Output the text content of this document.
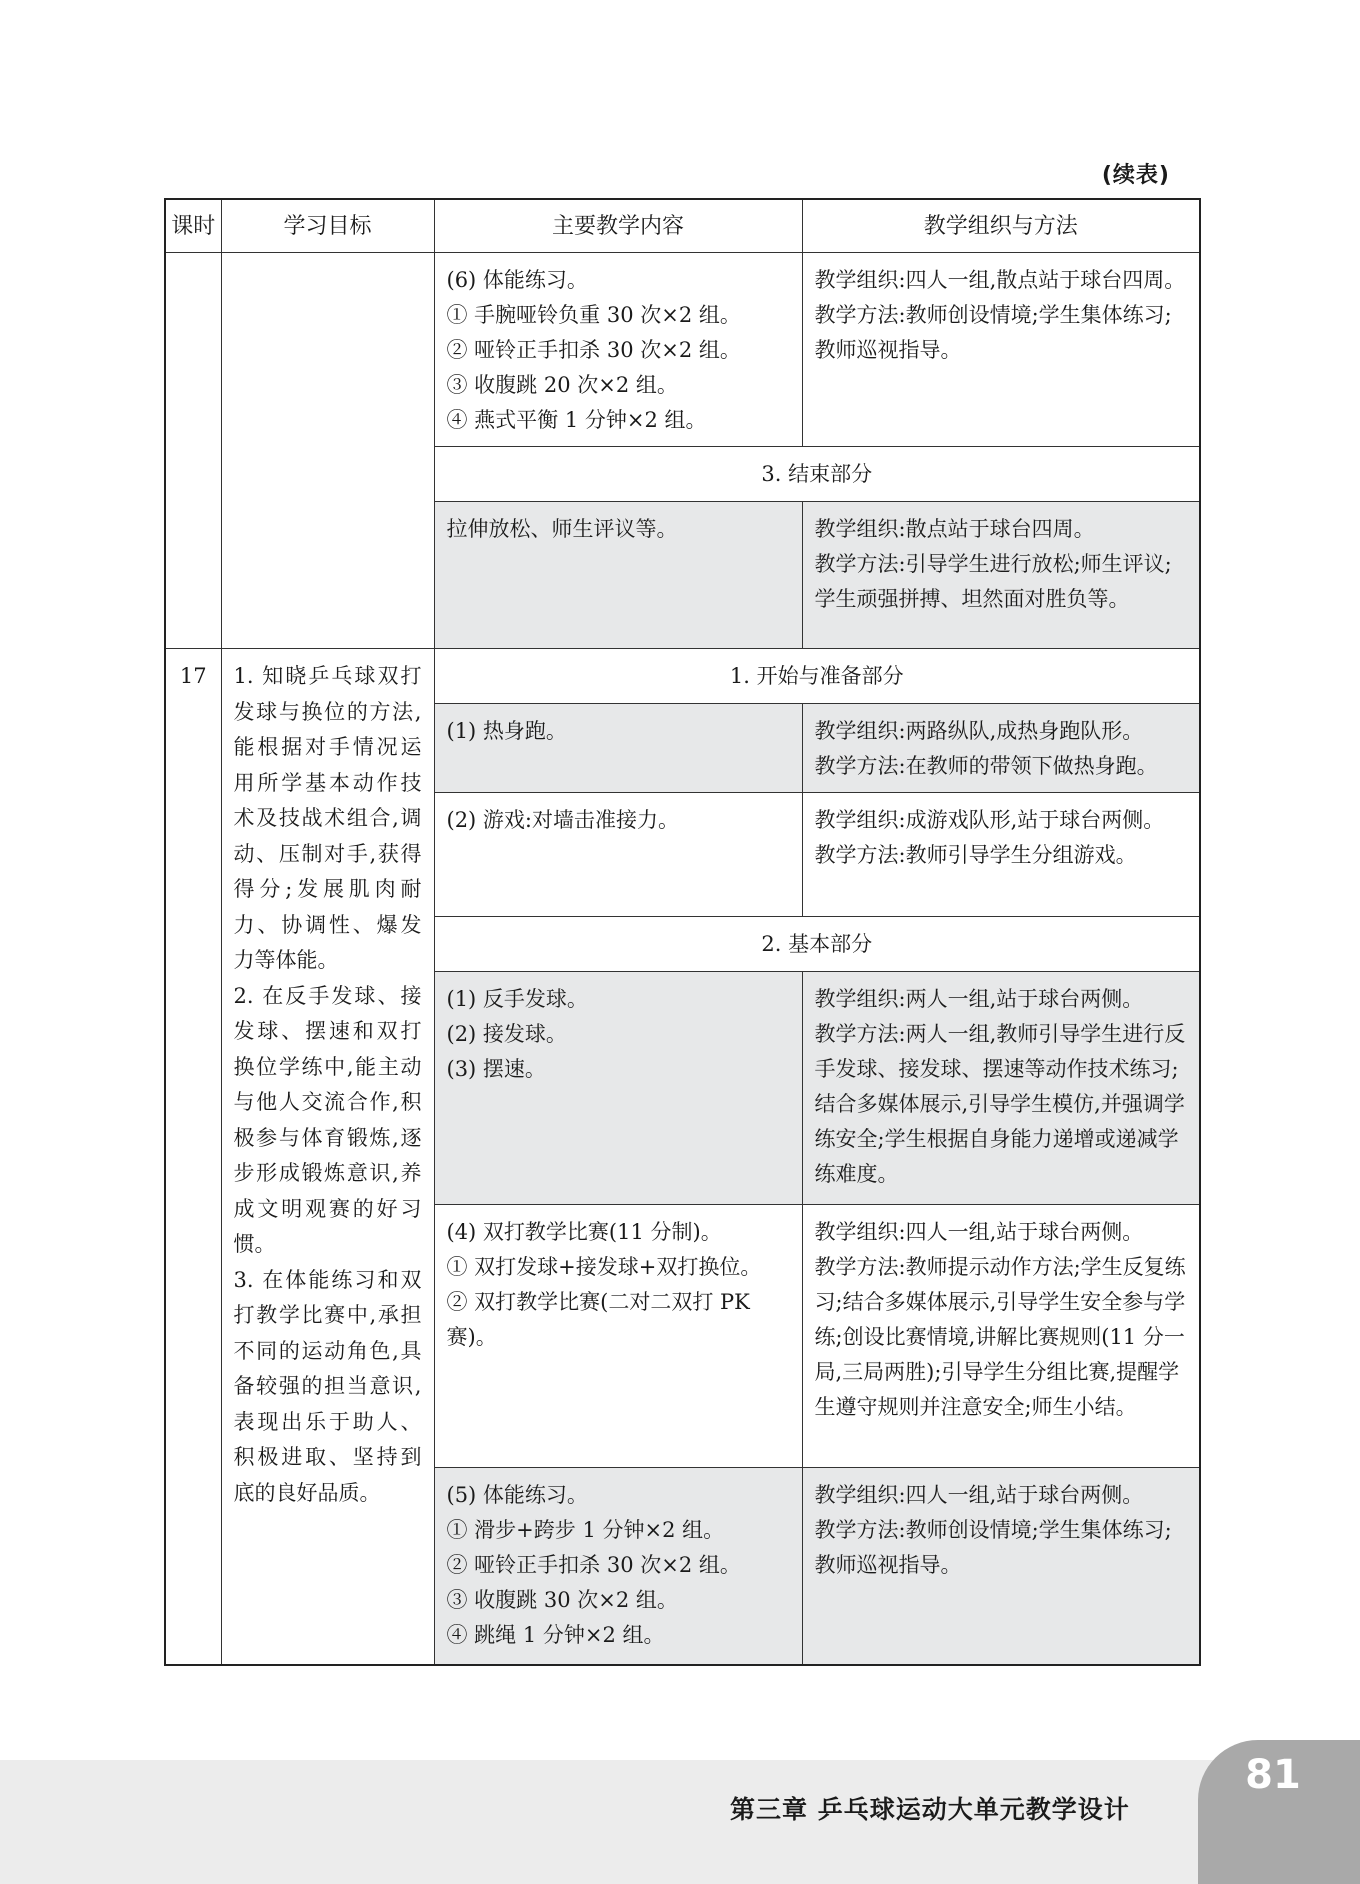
(续表)
课时	学习目标	主要教学内容	教学组织与方法

		(6) 体能练习。
① 手腕哑铃负重 30 次×2 组。
② 哑铃正手扣杀 30 次×2 组。
③ 收腹跳 20 次×2 组。
④ 燕式平衡 1 分钟×2 组。	教学组织:四人一组,散点站于球台四周。
教学方法:教师创设情境;学生集体练习;教师巡视指导。

		3. 结束部分	

		拉伸放松、师生评议等。	教学组织:散点站于球台四周。
教学方法:引导学生进行放松;师生评议;学生顽强拼搏、坦然面对胜负等。

17	1. 知晓乒乓球双打发球与换位的方法,能根据对手情况运用所学基本动作技术及技战术组合,调动、压制对手,获得得分;发展肌肉耐力、协调性、爆发力等体能。
2. 在反手发球、接发球、摆速和双打换位学练中,能主动与他人交流合作,积极参与体育锻炼,逐步形成锻炼意识,养成文明观赛的好习惯。
3. 在体能练习和双打教学比赛中,承担不同的运动角色,具备较强的担当意识,表现出乐于助人、积极进取、坚持到底的良好品质。	1. 开始与准备部分	

		(1) 热身跑。	教学组织:两路纵队,成热身跑队形。
教学方法:在教师的带领下做热身跑。

		(2) 游戏:对墙击准接力。	教学组织:成游戏队形,站于球台两侧。
教学方法:教师引导学生分组游戏。

		2. 基本部分	

		(1) 反手发球。
(2) 接发球。
(3) 摆速。	教学组织:两人一组,站于球台两侧。
教学方法:两人一组,教师引导学生进行反手发球、接发球、摆速等动作技术练习;结合多媒体展示,引导学生模仿,并强调学练安全;学生根据自身能力递增或递减学练难度。

		(4) 双打教学比赛(11 分制)。
① 双打发球+接发球+双打换位。
② 双打教学比赛(二对二双打 PK 赛)。	教学组织:四人一组,站于球台两侧。
教学方法:教师提示动作方法;学生反复练习;结合多媒体展示,引导学生安全参与学练;创设比赛情境,讲解比赛规则(11 分一局,三局两胜);引导学生分组比赛,提醒学生遵守规则并注意安全;师生小结。

		(5) 体能练习。
① 滑步+跨步 1 分钟×2 组。
② 哑铃正手扣杀 30 次×2 组。
③ 收腹跳 30 次×2 组。
④ 跳绳 1 分钟×2 组。	教学组织:四人一组,站于球台两侧。
教学方法:教师创设情境;学生集体练习;教师巡视指导。
第三章 乒乓球运动大单元教学设计
81
